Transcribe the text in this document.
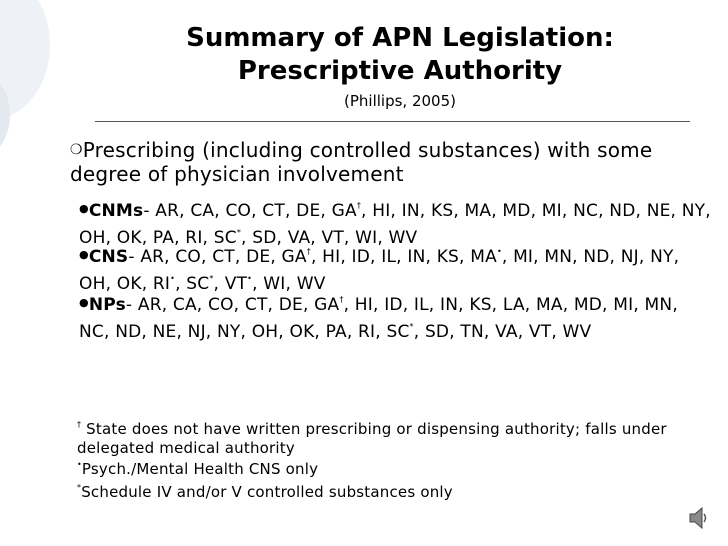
Summary of APN Legislation:
Prescriptive Authority
(Phillips, 2005)
❍Prescribing (including controlled substances) with some degree of physician involvement
●CNMs- AR, CA, CO, CT, DE, GA†, HI, IN, KS, MA, MD, MI, NC, ND, NE, NY, OH, OK, PA, RI, SC*, SD, VA, VT, WI, WV
●CNS- AR, CO, CT, DE, GA†, HI, ID, IL, IN, KS, MA•, MI, MN, ND, NJ, NY, OH, OK, RI•, SC*, VT•, WI, WV
●NPs- AR, CA, CO, CT, DE, GA†, HI, ID, IL, IN, KS, LA, MA, MD, MI, MN, NC, ND, NE, NJ, NY, OH, OK, PA, RI, SC*, SD, TN, VA, VT, WV
† State does not have written prescribing or dispensing authority; falls under delegated medical authority
•Psych./Mental Health CNS only
*Schedule IV and/or V controlled substances only
